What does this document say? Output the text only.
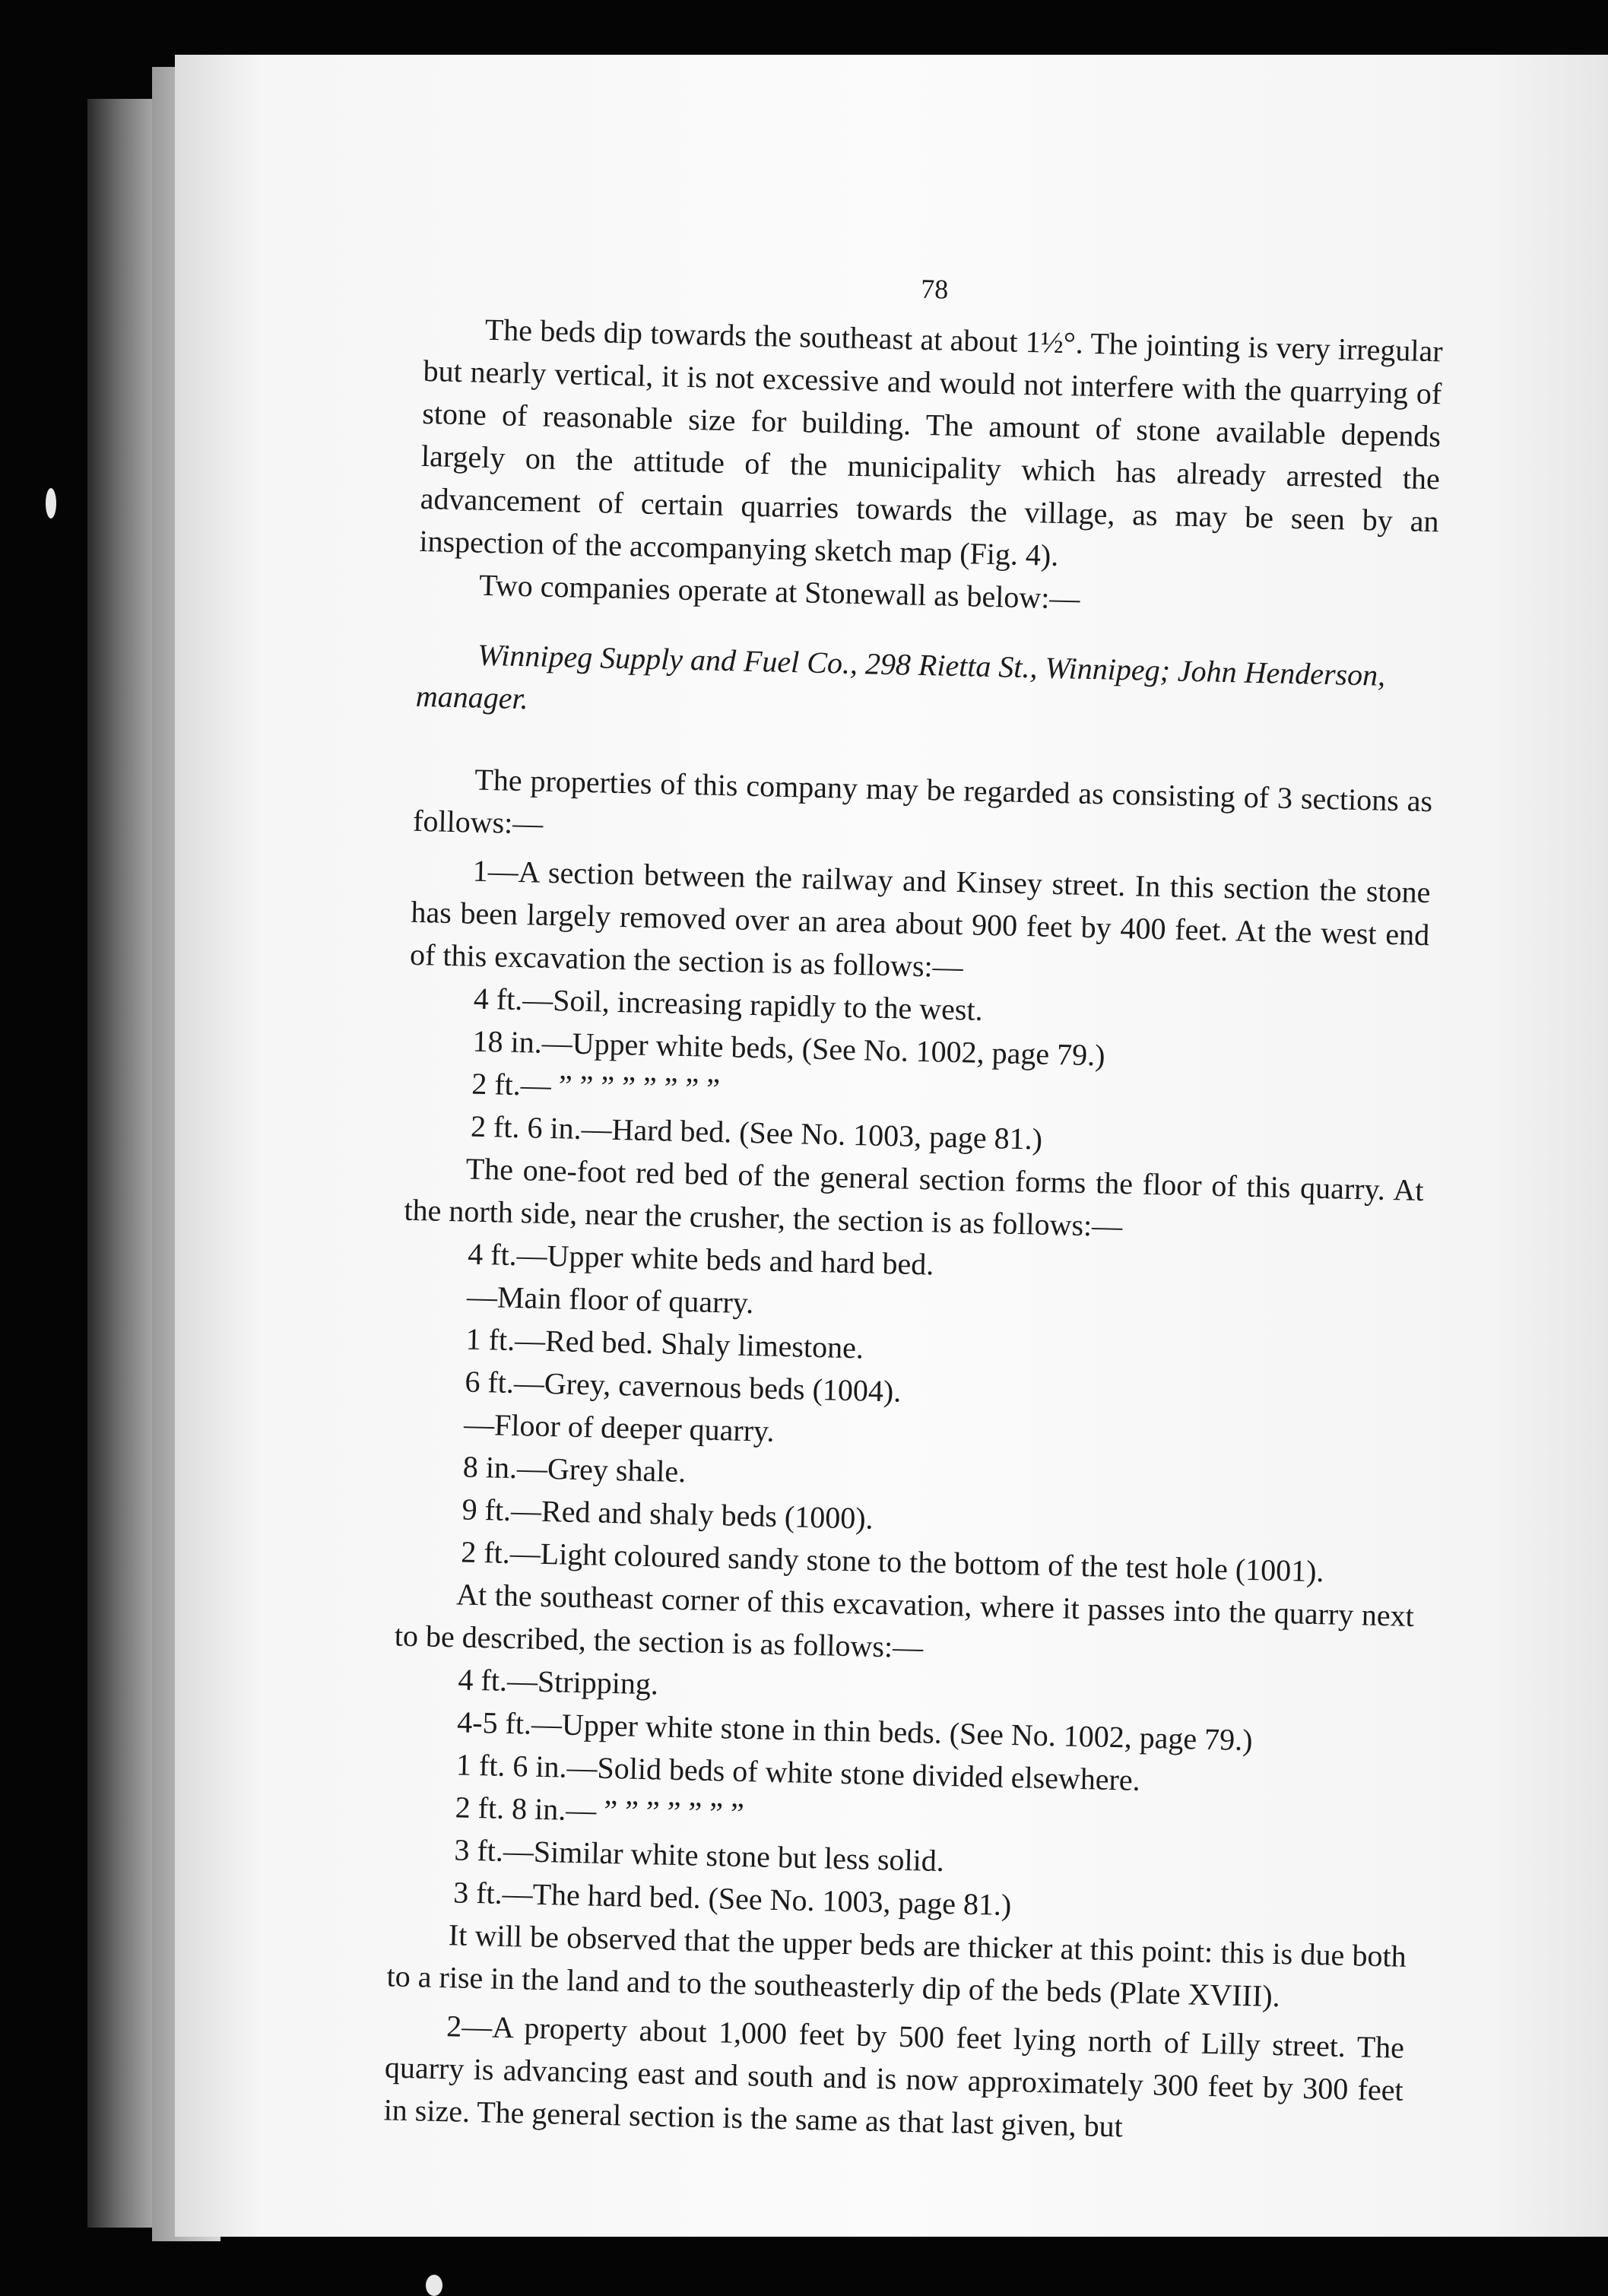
78

The beds dip towards the southeast at about 1½°. The jointing is very irregular but nearly vertical, it is not excessive and would not interfere with the quarrying of stone of reasonable size for building. The amount of stone available depends largely on the attitude of the municipality which has already arrested the advancement of certain quarries towards the village, as may be seen by an inspection of the accompanying sketch map (Fig. 4).

Two companies operate at Stonewall as below:—

Winnipeg Supply and Fuel Co., 298 Rietta St., Winnipeg; John Henderson, manager.

The properties of this company may be regarded as consisting of 3 sections as follows:—

1—A section between the railway and Kinsey street. In this section the stone has been largely removed over an area about 900 feet by 400 feet. At the west end of this excavation the section is as follows:—

4 ft.—Soil, increasing rapidly to the west.
18 in.—Upper white beds, (See No. 1002, page 79.)
2 ft.— ” ” ” ” ” ” ” ”
2 ft. 6 in.—Hard bed. (See No. 1003, page 81.)

The one-foot red bed of the general section forms the floor of this quarry. At the north side, near the crusher, the section is as follows:—

4 ft.—Upper white beds and hard bed.
—Main floor of quarry.
1 ft.—Red bed. Shaly limestone.
6 ft.—Grey, cavernous beds (1004).
—Floor of deeper quarry.
8 in.—Grey shale.
9 ft.—Red and shaly beds (1000).
2 ft.—Light coloured sandy stone to the bottom of the test hole (1001).

At the southeast corner of this excavation, where it passes into the quarry next to be described, the section is as follows:—

4 ft.—Stripping.
4-5 ft.—Upper white stone in thin beds. (See No. 1002, page 79.)
1 ft. 6 in.—Solid beds of white stone divided elsewhere.
2 ft. 8 in.— ” ” ” ” ” ” ”
3 ft.—Similar white stone but less solid.
3 ft.—The hard bed. (See No. 1003, page 81.)

It will be observed that the upper beds are thicker at this point: this is due both to a rise in the land and to the southeasterly dip of the beds (Plate XVIII).

2—A property about 1,000 feet by 500 feet lying north of Lilly street. The quarry is advancing east and south and is now approximately 300 feet by 300 feet in size. The general section is the same as that last given, but
